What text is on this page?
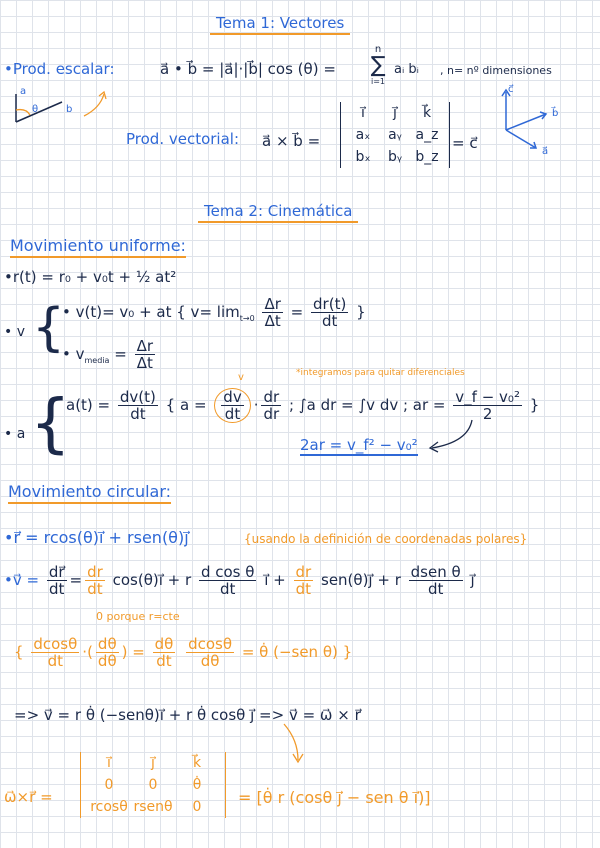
Tema 1: Vectores
•Prod. escalar:	a⃗ • b⃗ = |a⃗|·|b⃗| cos (θ) =
n
∑
i=1
aᵢ bᵢ , n= nº dimensiones
a
θ	b
Prod. vectorial: a⃗ × b⃗ =
i⃗	j⃗	k⃗
aₓ	aᵧ a_z
bₓ	bᵧ b_z
= c⃗
c⃗
b⃗
a⃗
Tema 2: Cinemática
Movimiento uniforme:
•r(t) = r₀ + v₀t + ½ at²
• v {
• v(t)= v₀ + at { $v= \lim_{t\to 0} \frac{\Delta r}{\Delta t} = \frac{dr(t)}{dt}$ }
• $v_{media} = \frac{\Delta r}{\Delta t}$
*integramos para quitar diferenciales
• a {
$a(t) = \frac{dv(t)}{dt}$ { $a = \frac{dv}{dt} \cdot \frac{dr}{dr}$ ; ∫a dr = ∫v dv ; ar = $\frac{\text{v\_f − v₀²}}{2}$ }
v
2ar = v_f² − v₀²
Movimiento circular:
•r⃗ = rcos(θ)i⃗ + rsen(θ)j⃗	{usando la definición de coordenadas polares}
•v⃗ = $\frac{dr⃗}{dt} = \frac{dr}{dt}$ cos(θ)i⃗ + r $\frac{\text{d cos θ}}{dt}$ i⃗ + $\frac{dr}{dt}$ sen(θ)j⃗ + r $\frac{\text{dsen θ}}{dt}$ j⃗
0 porque r=cte
{ $\frac{dcos\theta}{dt}$ ·( $\frac{d\theta}{d\theta}$ ) = $\frac{d\theta}{dt}$
$\frac{dcos\theta}{d\theta}$ = θ̇ (−sen θ) }
=> v⃗ = r θ̇ (−senθ)i⃗ + r θ̇ cosθ j⃗ => v⃗ = ω⃗ × r⃗
ω⃗×r⃗ =
i⃗	j⃗	k⃗
0	0	θ̇
rcosθ rsenθ	0	= [θ̇ r (cosθ j⃗ − sen θ i⃗)]
